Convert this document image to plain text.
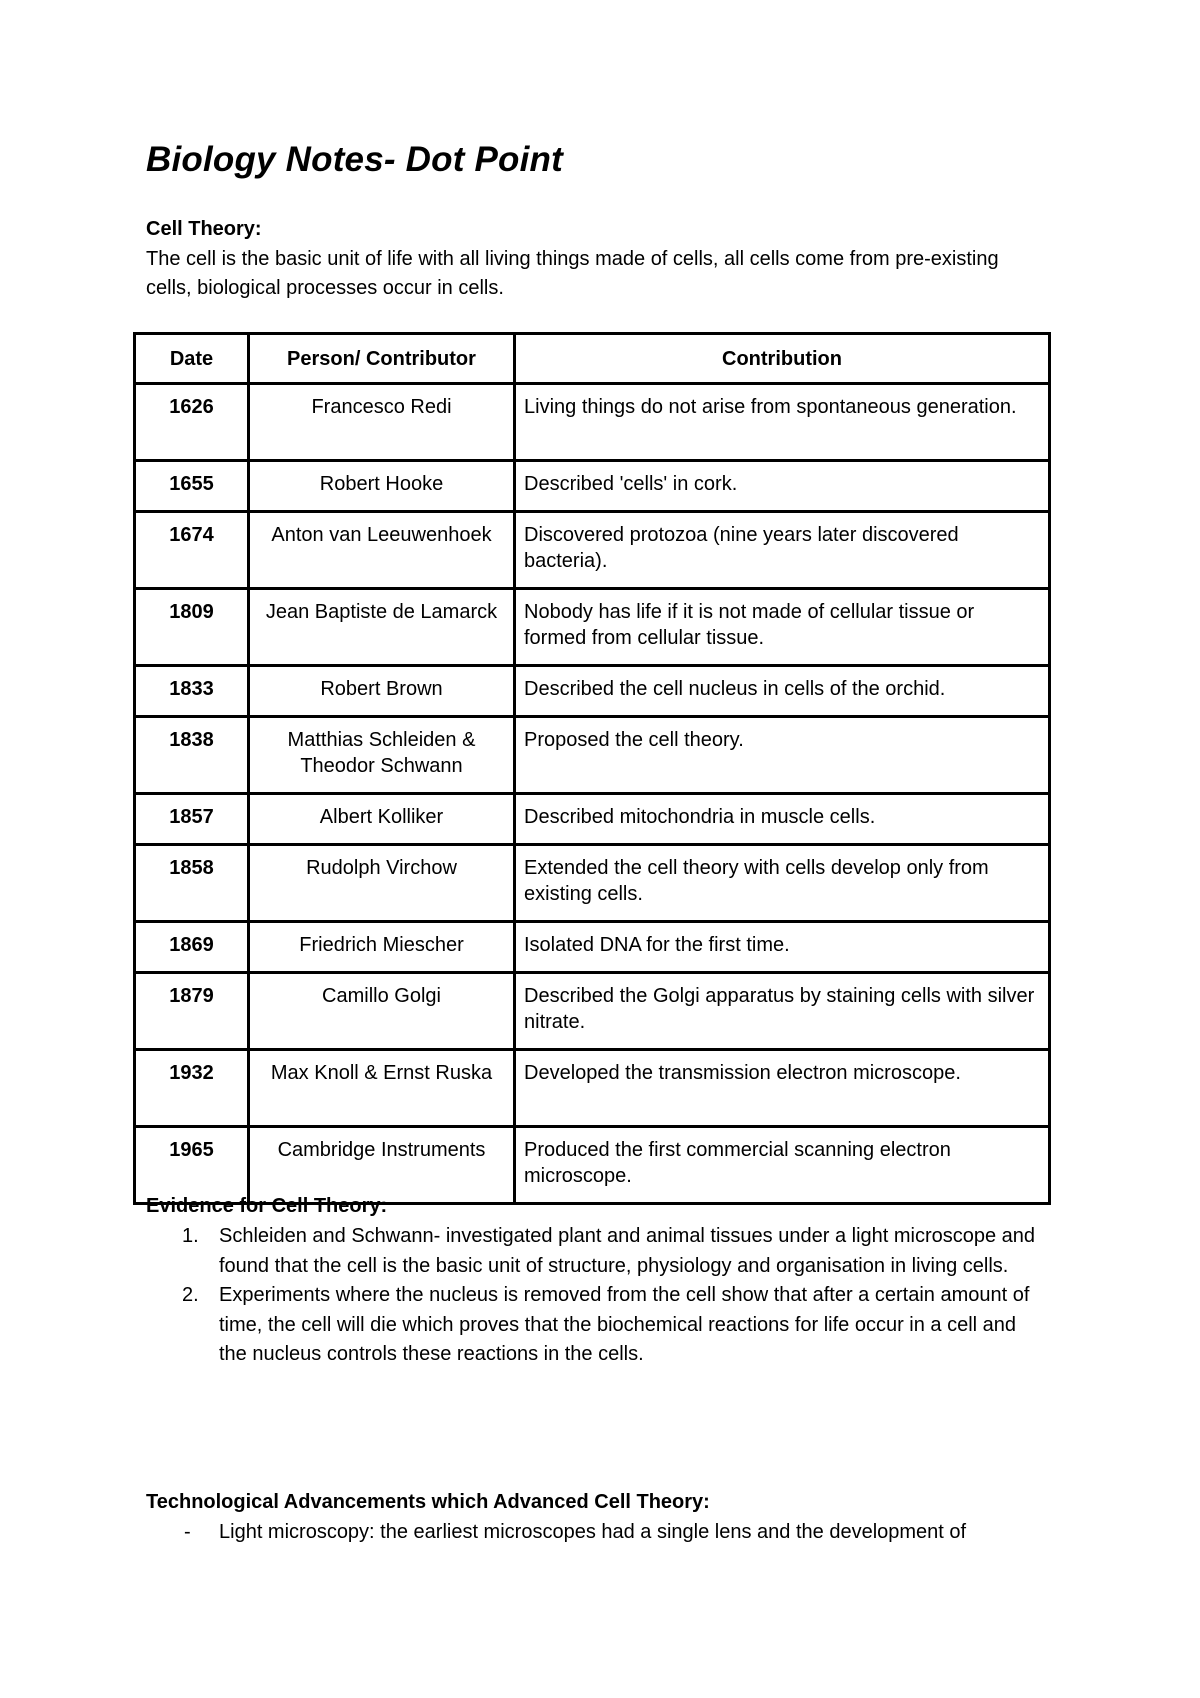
Biology Notes- Dot Point

Cell Theory:

The cell is the basic unit of life with all living things made of cells, all cells come from pre-existing cells, biological processes occur in cells.

Date	Person/ Contributor	Contribution
1626	Francesco Redi	Living things do not arise from spontaneous generation.
1655	Robert Hooke	Described 'cells' in cork.
1674	Anton van Leeuwenhoek	Discovered protozoa (nine years later discovered bacteria).
1809	Jean Baptiste de Lamarck	Nobody has life if it is not made of cellular tissue or formed from cellular tissue.
1833	Robert Brown	Described the cell nucleus in cells of the orchid.
1838	Matthias Schleiden & Theodor Schwann	Proposed the cell theory.
1857	Albert Kolliker	Described mitochondria in muscle cells.
1858	Rudolph Virchow	Extended the cell theory with cells develop only from existing cells.
1869	Friedrich Miescher	Isolated DNA for the first time.
1879	Camillo Golgi	Described the Golgi apparatus by staining cells with silver nitrate.
1932	Max Knoll & Ernst Ruska	Developed the transmission electron microscope.
1965	Cambridge Instruments	Produced the first commercial scanning electron microscope.

Evidence for Cell Theory:

1. Schleiden and Schwann- investigated plant and animal tissues under a light microscope and found that the cell is the basic unit of structure, physiology and organisation in living cells.
2. Experiments where the nucleus is removed from the cell show that after a certain amount of time, the cell will die which proves that the biochemical reactions for life occur in a cell and the nucleus controls these reactions in the cells.

Technological Advancements which Advanced Cell Theory:

- Light microscopy: the earliest microscopes had a single lens and the development of
